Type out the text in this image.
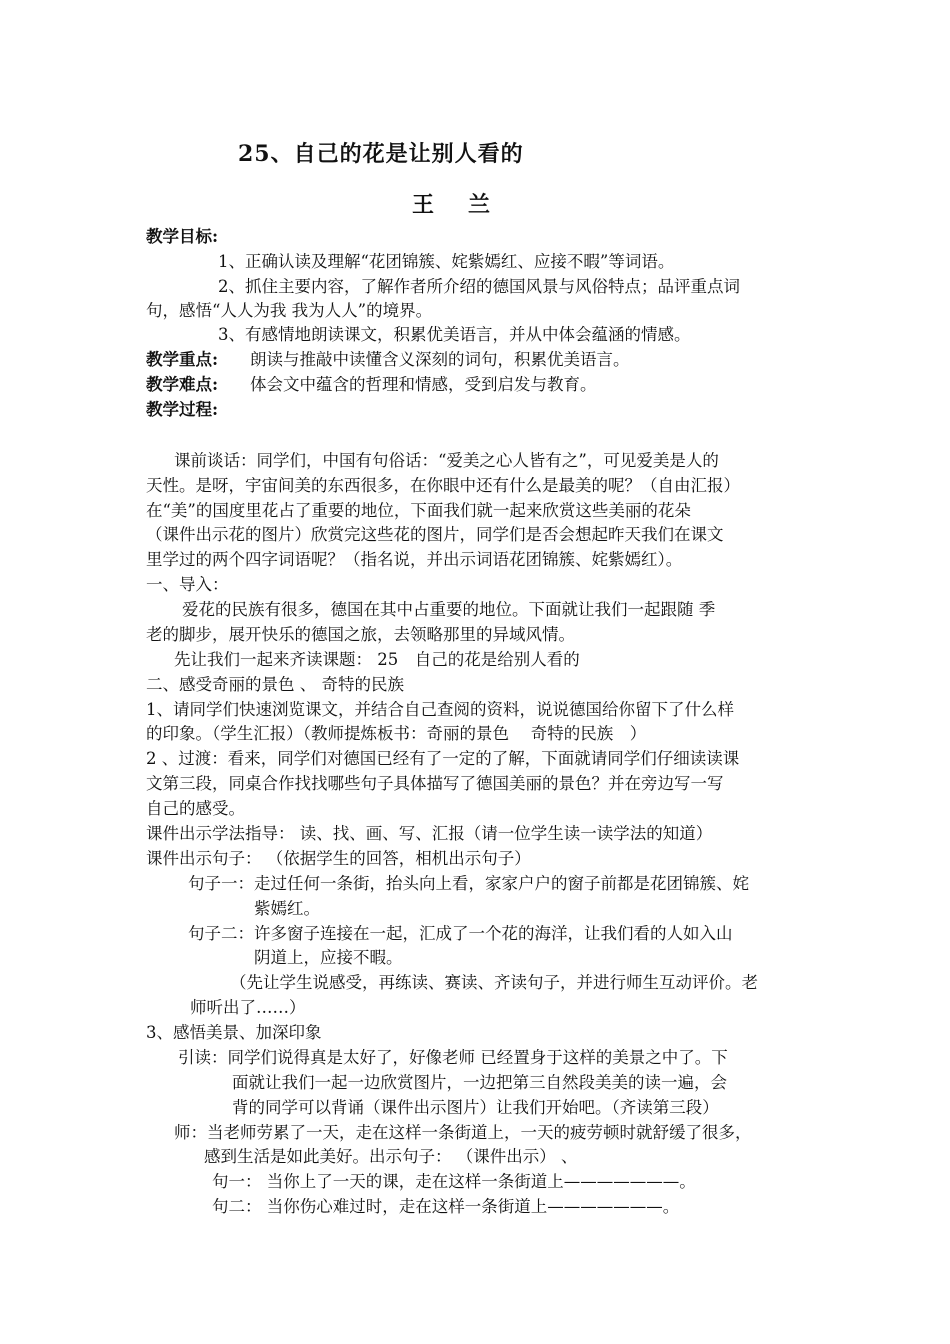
25、自己的花是让别人看的
王　兰
教学目标:
1、正确认读及理解“花团锦簇、姹紫嫣红、应接不暇”等词语。
2、抓住主要内容，了解作者所介绍的德国风景与风俗特点；品评重点词
句，感悟“人人为我 我为人人”的境界。
3、有感情地朗读课文，积累优美语言，并从中体会蕴涵的情感。
教学重点: 朗读与推敲中读懂含义深刻的词句，积累优美语言。
教学难点: 体会文中蕴含的哲理和情感，受到启发与教育。
教学过程:
课前谈话：同学们，中国有句俗话：“爱美之心人皆有之”，可见爱美是人的
天性。是呀，宇宙间美的东西很多，在你眼中还有什么是最美的呢？（自由汇报）
在“美”的国度里花占了重要的地位，下面我们就一起来欣赏这些美丽的花朵
（课件出示花的图片）欣赏完这些花的图片，同学们是否会想起昨天我们在课文
里学过的两个四字词语呢？（指名说，并出示词语花团锦簇、姹紫嫣红）。
一、导入：
爱花的民族有很多，德国在其中占重要的地位。下面就让我们一起跟随 季
老的脚步，展开快乐的德国之旅，去领略那里的异域风情。
先让我们一起来齐读课题： 25　自己的花是给别人看的
二、感受奇丽的景色 、 奇特的民族
1、请同学们快速浏览课文，并结合自己查阅的资料，说说德国给你留下了什么样
的印象。（学生汇报）（教师提炼板书：奇丽的景色　 奇特的民族　）
2 、过渡：看来，同学们对德国已经有了一定的了解，下面就请同学们仔细读读课
文第三段，同桌合作找找哪些句子具体描写了德国美丽的景色？并在旁边写一写
自己的感受。
课件出示学法指导： 读、找、画、写、汇报（请一位学生读一读学法的知道）
课件出示句子： （依据学生的回答，相机出示句子）
句子一：走过任何一条街，抬头向上看，家家户户的窗子前都是花团锦簇、姹
紫嫣红。
句子二：许多窗子连接在一起，汇成了一个花的海洋，让我们看的人如入山
阴道上，应接不暇。
（先让学生说感受，再练读、赛读、齐读句子，并进行师生互动评价。老
师听出了……）
3、感悟美景、加深印象
引读：同学们说得真是太好了，好像老师 已经置身于这样的美景之中了。下
面就让我们一起一边欣赏图片，一边把第三自然段美美的读一遍，会
背的同学可以背诵（课件出示图片）让我们开始吧。（齐读第三段）
师：当老师劳累了一天，走在这样一条街道上，一天的疲劳顿时就舒缓了很多，
感到生活是如此美好。出示句子： （课件出示） 、
句一： 当你上了一天的课，走在这样一条街道上———————。
句二： 当你伤心难过时，走在这样一条街道上———————。
